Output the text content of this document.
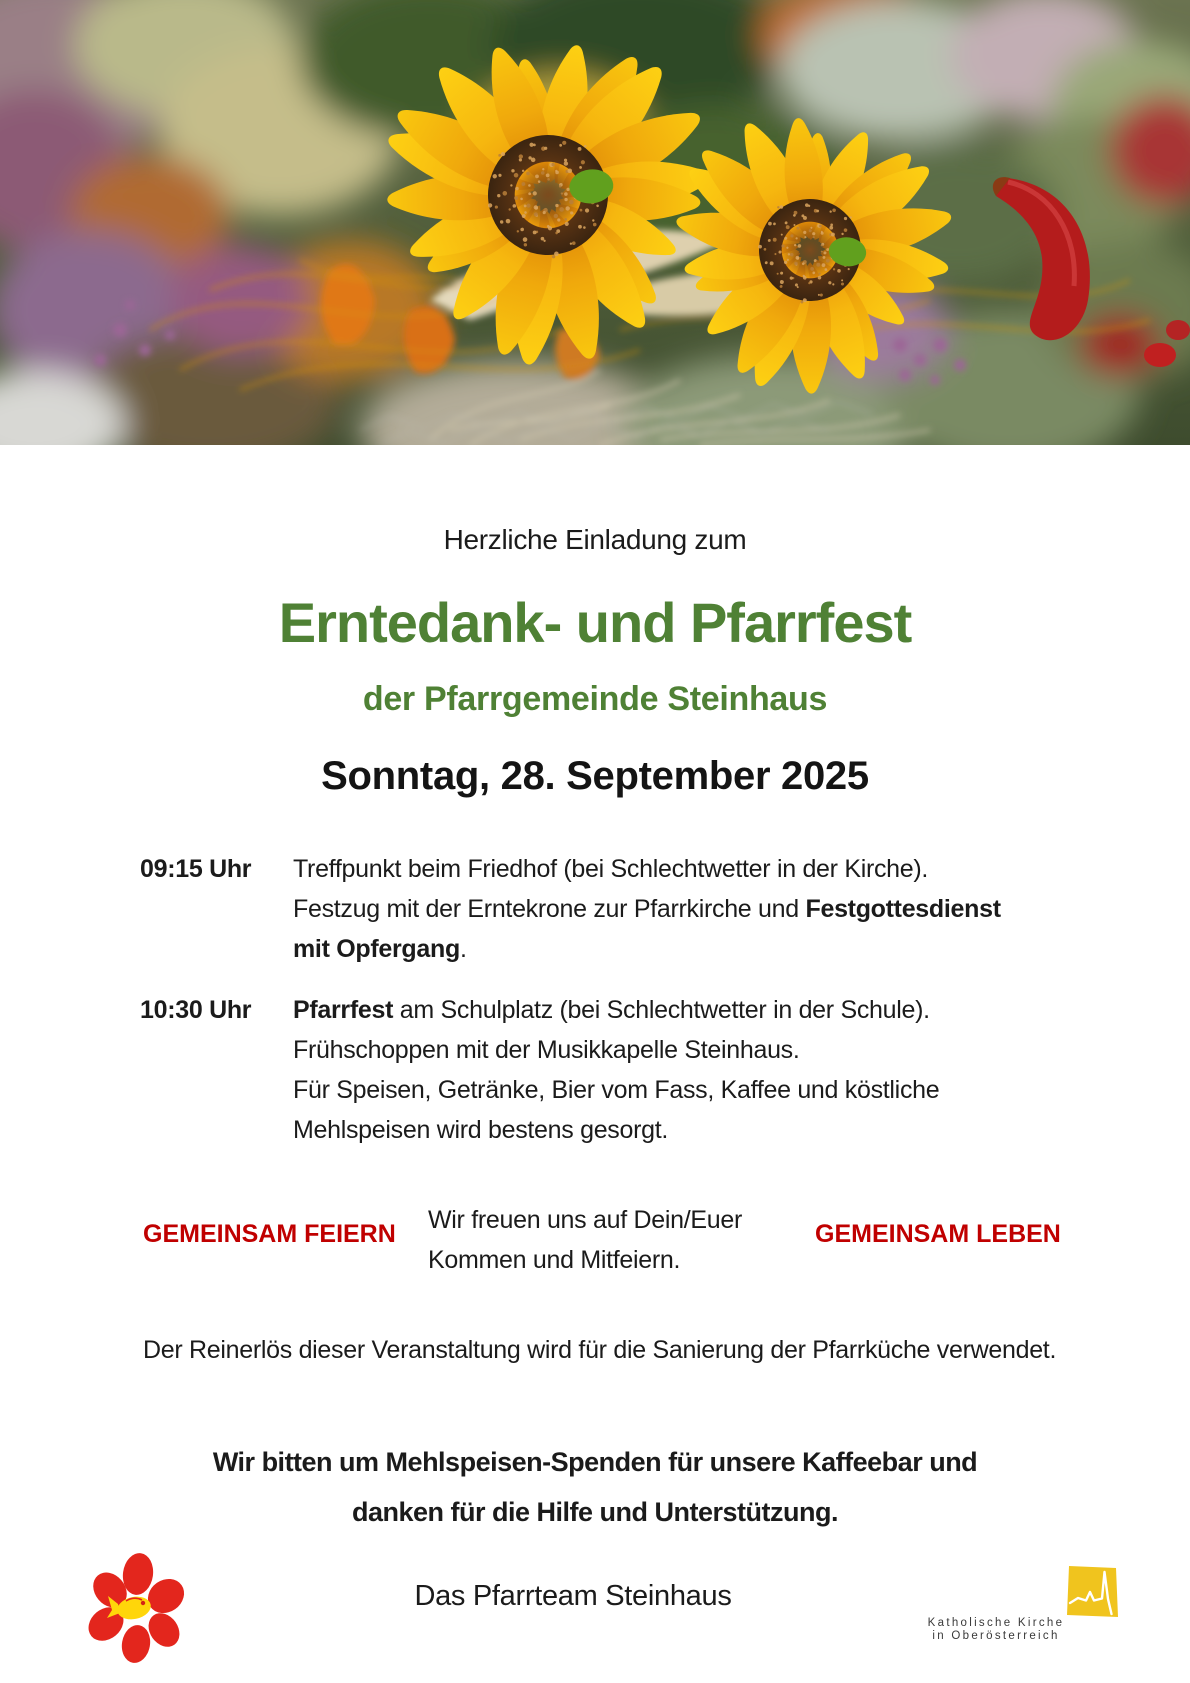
Herzliche Einladung zum
Erntedank- und Pfarrfest
der Pfarrgemeinde Steinhaus
Sonntag, 28. September 2025
09:15 Uhr	Treffpunkt beim Friedhof (bei Schlechtwetter in der Kirche).
Festzug mit der Erntekrone zur Pfarrkirche und Festgottesdienst
mit Opfergang.
10:30 Uhr	Pfarrfest am Schulplatz (bei Schlechtwetter in der Schule).
Frühschoppen mit der Musikkapelle Steinhaus.
Für Speisen, Getränke, Bier vom Fass, Kaffee und köstliche
Mehlspeisen wird bestens gesorgt.
GEMEINSAM FEIERN Wir freuen uns auf Dein/Euer
Kommen und Mitfeiern.
GEMEINSAM LEBEN
Der Reinerlös dieser Veranstaltung wird für die Sanierung der Pfarrküche verwendet.
Wir bitten um Mehlspeisen-Spenden für unsere Kaffeebar und
danken für die Hilfe und Unterstützung.
Das Pfarrteam Steinhaus
Katholische Kirche
in Oberösterreich
